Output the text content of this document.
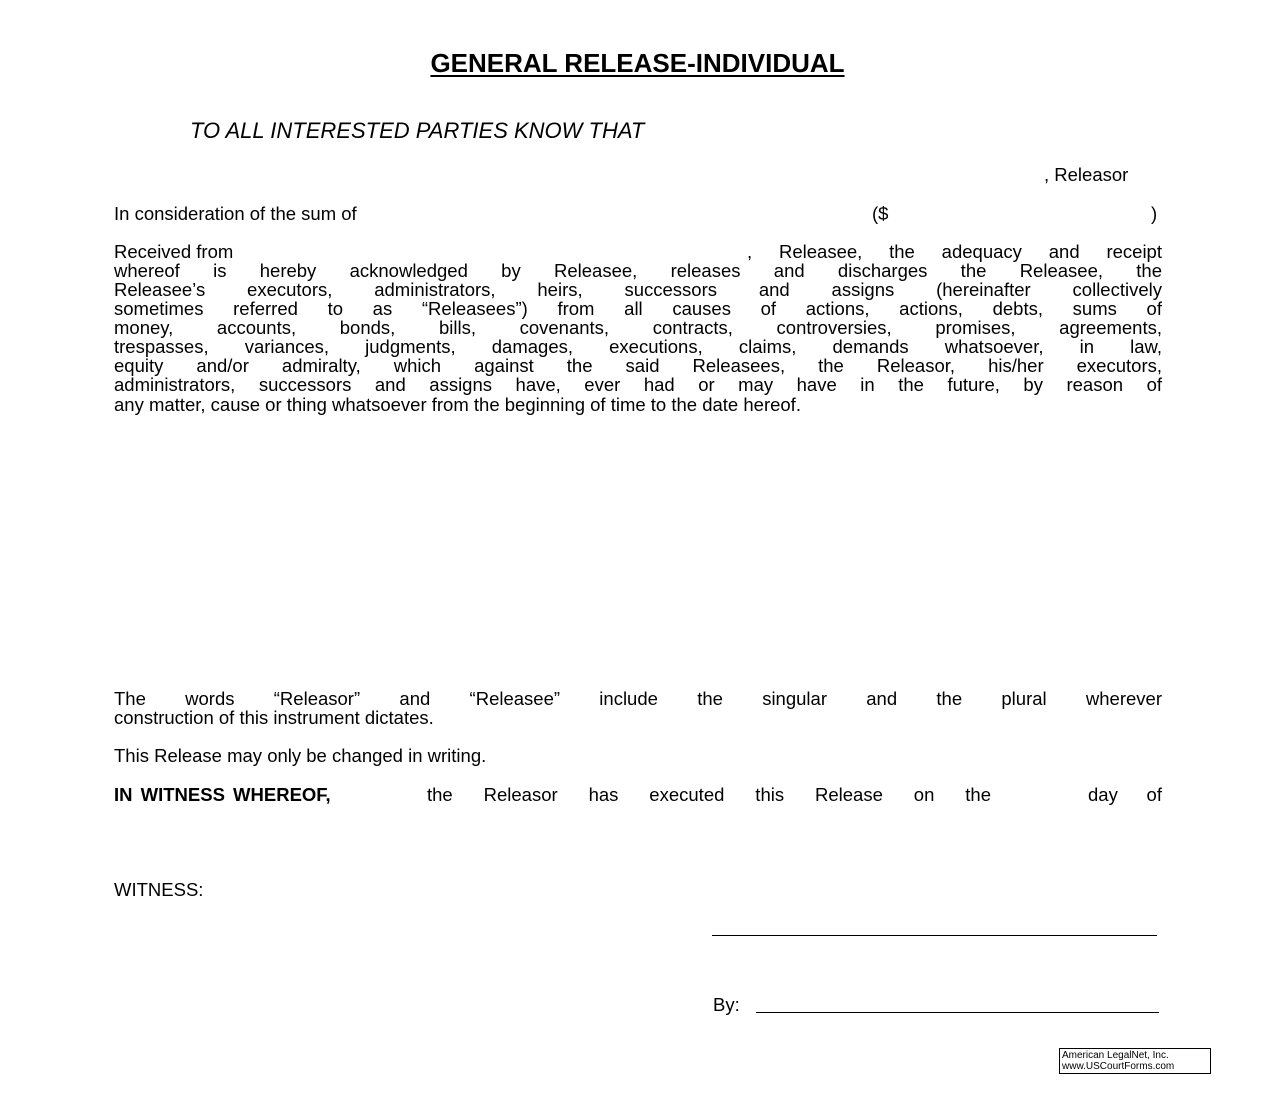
GENERAL RELEASE-INDIVIDUAL
TO ALL INTERESTED PARTIES KNOW THAT
, Releasor
In consideration of the sum of	($	)
Received from	, Releasee, the adequacy and receipt
whereof is hereby acknowledged by Releasee, releases and discharges the Releasee, the
Releasee’s executors, administrators, heirs, successors and assigns (hereinafter collectively
sometimes referred to as “Releasees”) from all causes of actions, actions, debts, sums of
money, accounts, bonds, bills, covenants, contracts, controversies, promises, agreements,
trespasses, variances, judgments, damages, executions, claims, demands whatsoever, in law,
equity and/or admiralty, which against the said Releasees, the Releasor, his/her executors,
administrators, successors and assigns have, ever had or may have in the future, by reason of
any matter, cause or thing whatsoever from the beginning of time to the date hereof.
The words “Releasor” and “Releasee” include the singular and the plural wherever
construction of this instrument dictates.
This Release may only be changed in writing.
IN WITNESS WHEREOF,	the Releasor has executed this Release on the	day of
WITNESS:
By:
American LegalNet, Inc.
www.USCourtForms.com
